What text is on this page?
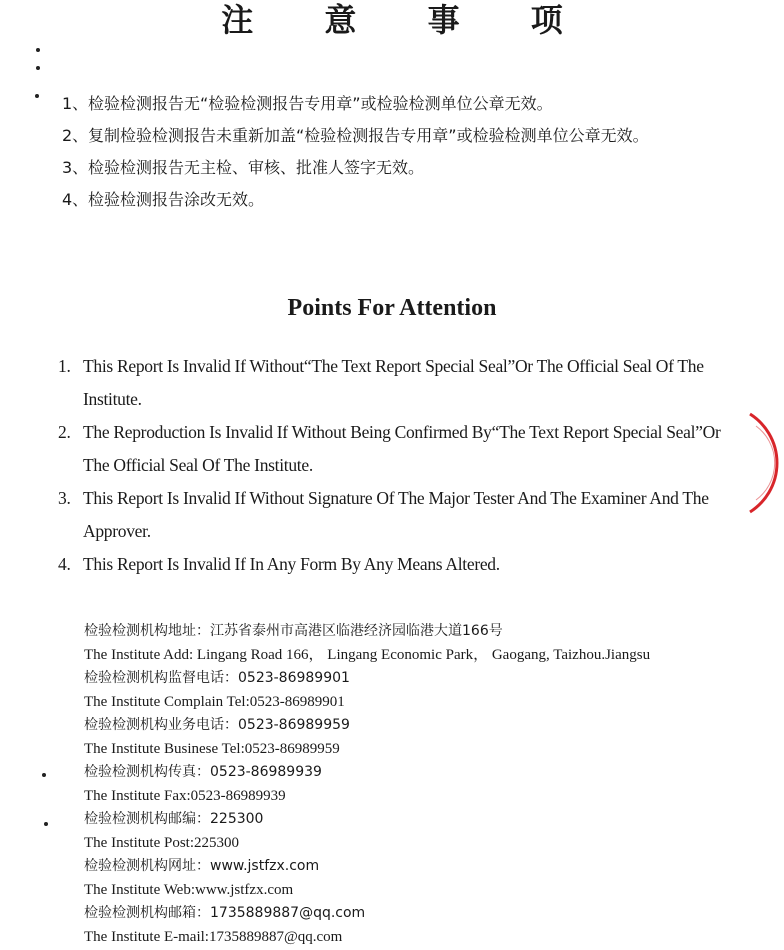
注 意 事 项
1、 检验检测报告无“检验检测报告专用章”或检验检测单位公章无效。
2、 复制检验检测报告未重新加盖“检验检测报告专用章”或检验检测单位公章无效。
3、 检验检测报告无主检、审核、批准人签字无效。
4、 检验检测报告涂改无效。
Points For Attention
1. This Report Is Invalid If Without“The Text Report Special Seal”Or The Official Seal Of The Institute.
2. The Reproduction Is Invalid If Without Being Confirmed By“The Text Report Special Seal”Or The Official Seal Of The Institute.
3. This Report Is Invalid If Without Signature Of The Major Tester And The Examiner And The Approver.
4. This Report Is Invalid If In Any Form By Any Means Altered.
检验检测机构地址：江苏省泰州市高港区临港经济园临港大道166号
The Institute Add: Lingang Road 166， Lingang Economic Park， Gaogang, Taizhou.Jiangsu
检验检测机构监督电话：0523-86989901
The Institute Complain Tel:0523-86989901
检验检测机构业务电话：0523-86989959
The Institute Businese Tel:0523-86989959
检验检测机构传真：0523-86989939
The Institute Fax:0523-86989939
检验检测机构邮编：225300
The Institute Post:225300
检验检测机构网址：www.jstfzx.com
The Institute Web:www.jstfzx.com
检验检测机构邮箱：1735889887@qq.com
The Institute E-mail:1735889887@qq.com
